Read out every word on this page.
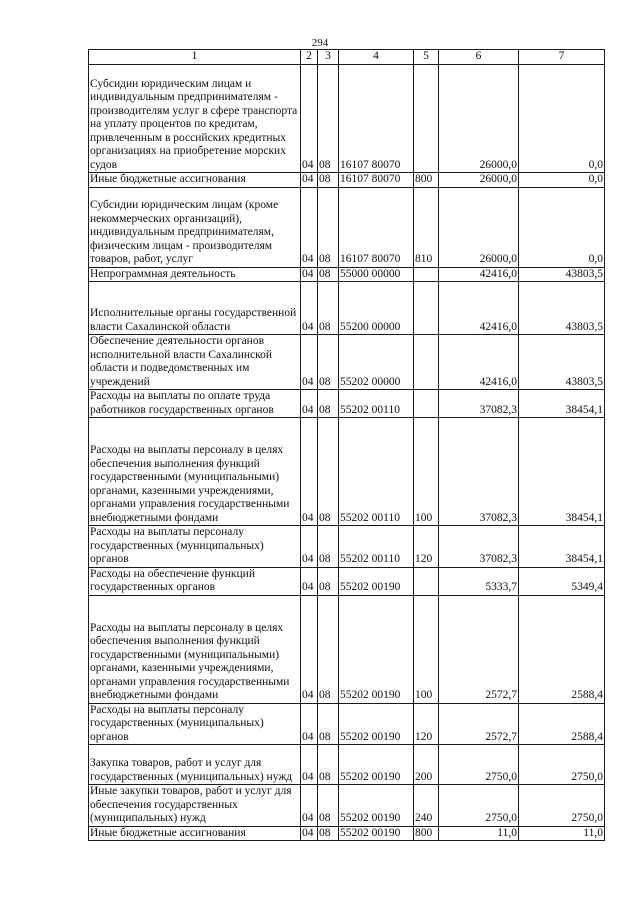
294
1	2	3	4	5	6	7
Субсидии юридическим лицам и индивидуальным предпринимателям - производителям услуг в сфере транспорта на уплату процентов по кредитам, привлеченным в российских кредитных организациях на приобретение морских судов	04	08	16107 80070		26000,0	0,0
Иные бюджетные ассигнования	04	08	16107 80070	800	26000,0	0,0
Субсидии юридическим лицам (кроме некоммерческих организаций), индивидуальным предпринимателям, физическим лицам - производителям товаров, работ, услуг	04	08	16107 80070	810	26000,0	0,0
Непрограммная деятельность	04	08	55000 00000		42416,0	43803,5
Исполнительные органы государственной власти Сахалинской области	04	08	55200 00000		42416,0	43803,5
Обеспечение деятельности органов исполнительной власти Сахалинской области и подведомственных им учреждений	04	08	55202 00000		42416,0	43803,5
Расходы на выплаты по оплате труда работников государственных органов	04	08	55202 00110		37082,3	38454,1
Расходы на выплаты персоналу в целях обеспечения выполнения функций государственными (муниципальными) органами, казенными учреждениями, органами управления государственными внебюджетными фондами	04	08	55202 00110	100	37082,3	38454,1
Расходы на выплаты персоналу государственных (муниципальных) органов	04	08	55202 00110	120	37082,3	38454,1
Расходы на обеспечение функций государственных органов	04	08	55202 00190		5333,7	5349,4
Расходы на выплаты персоналу в целях обеспечения выполнения функций государственными (муниципальными) органами, казенными учреждениями, органами управления государственными внебюджетными фондами	04	08	55202 00190	100	2572,7	2588,4
Расходы на выплаты персоналу государственных (муниципальных) органов	04	08	55202 00190	120	2572,7	2588,4
Закупка товаров, работ и услуг для государственных (муниципальных) нужд	04	08	55202 00190	200	2750,0	2750,0
Иные закупки товаров, работ и услуг для обеспечения государственных (муниципальных) нужд	04	08	55202 00190	240	2750,0	2750,0
Иные бюджетные ассигнования	04	08	55202 00190	800	11,0	11,0
